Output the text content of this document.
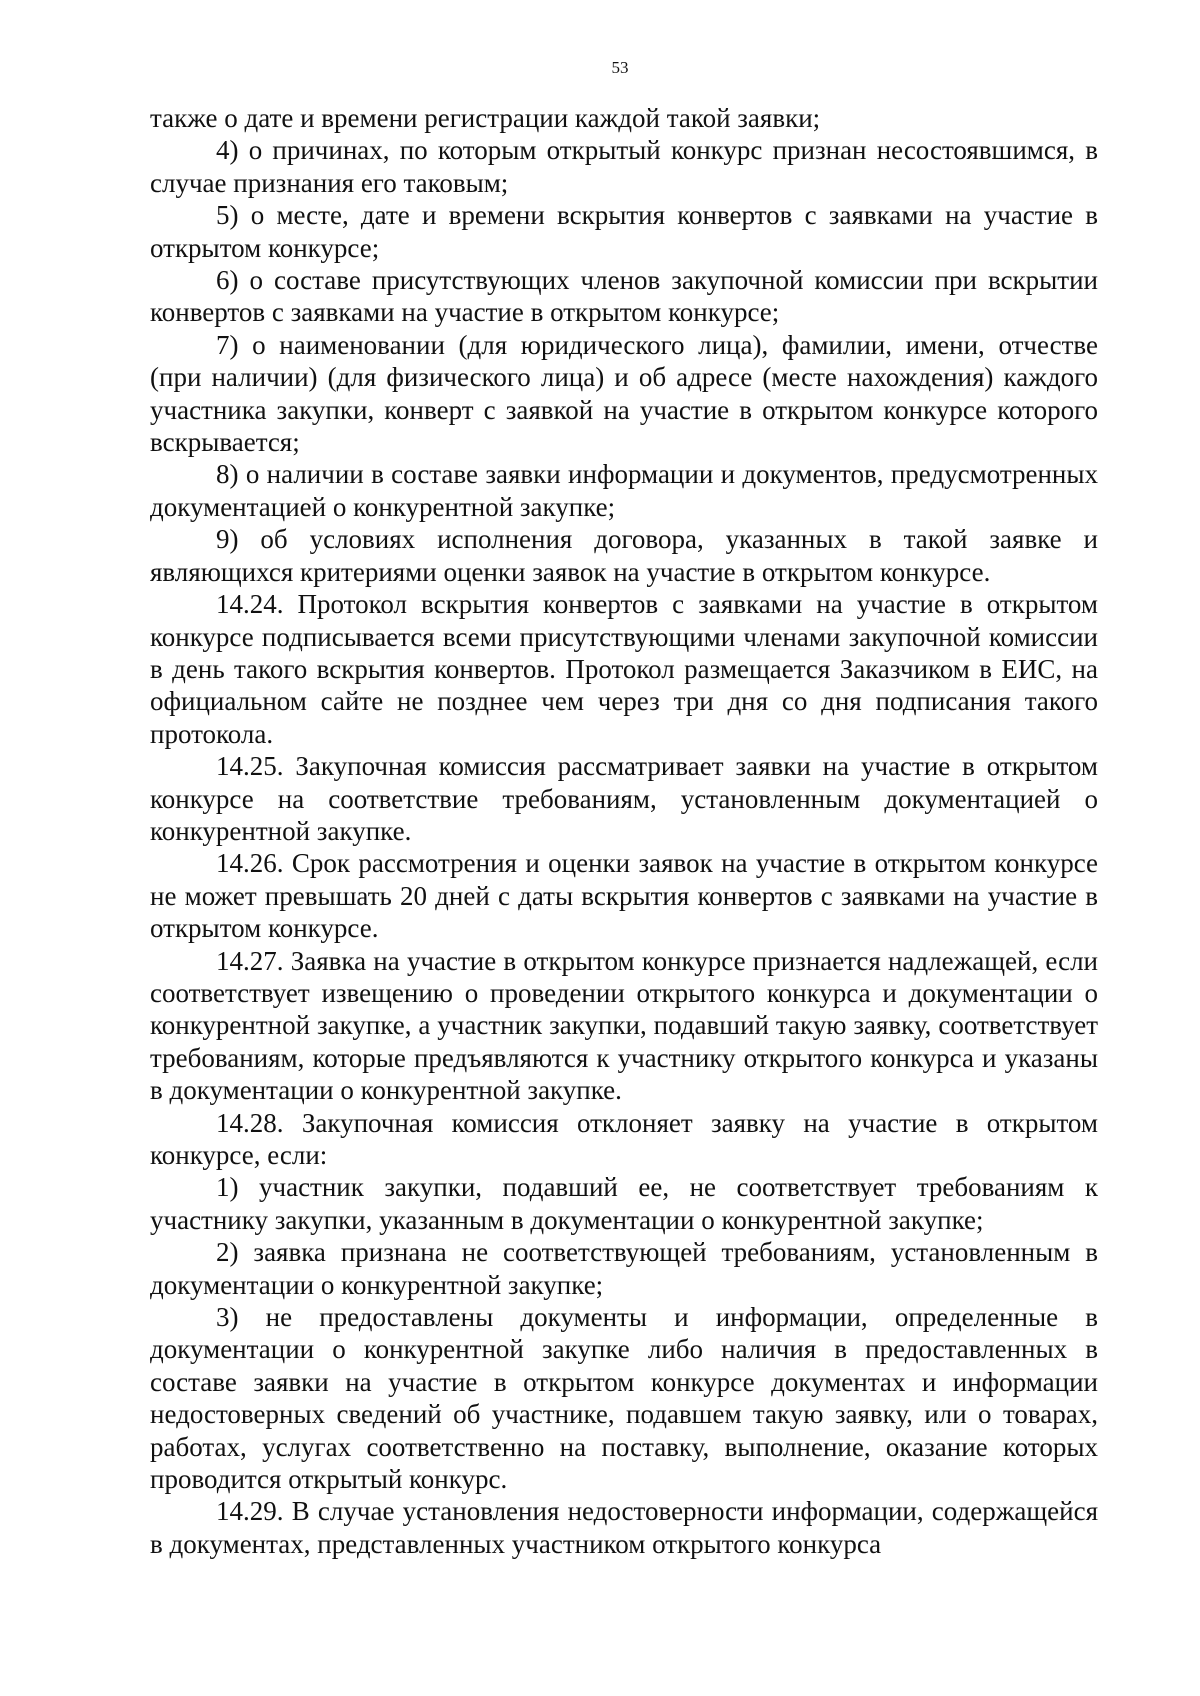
53

также о дате и времени регистрации каждой такой заявки;

4) о причинах, по которым открытый конкурс признан несостоявшимся, в случае признания его таковым;

5) о месте, дате и времени вскрытия конвертов с заявками на участие в открытом конкурсе;

6) о составе присутствующих членов закупочной комиссии при вскрытии конвертов с заявками на участие в открытом конкурсе;

7) о наименовании (для юридического лица), фамилии, имени, отчестве (при наличии) (для физического лица) и об адресе (месте нахождения) каждого участника закупки, конверт с заявкой на участие в открытом конкурсе которого вскрывается;

8) о наличии в составе заявки информации и документов, предусмотренных документацией о конкурентной закупке;

9) об условиях исполнения договора, указанных в такой заявке и являющихся критериями оценки заявок на участие в открытом конкурсе.

14.24. Протокол вскрытия конвертов с заявками на участие в открытом конкурсе подписывается всеми присутствующими членами закупочной комиссии в день такого вскрытия конвертов. Протокол размещается Заказчиком в ЕИС, на официальном сайте не позднее чем через три дня со дня подписания такого протокола.

14.25. Закупочная комиссия рассматривает заявки на участие в открытом конкурсе на соответствие требованиям, установленным документацией о конкурентной закупке.

14.26. Срок рассмотрения и оценки заявок на участие в открытом конкурсе не может превышать 20 дней с даты вскрытия конвертов с заявками на участие в открытом конкурсе.

14.27. Заявка на участие в открытом конкурсе признается надлежащей, если соответствует извещению о проведении открытого конкурса и документации о конкурентной закупке, а участник закупки, подавший такую заявку, соответствует требованиям, которые предъявляются к участнику открытого конкурса и указаны в документации о конкурентной закупке.

14.28. Закупочная комиссия отклоняет заявку на участие в открытом конкурсе, если:

1) участник закупки, подавший ее, не соответствует требованиям к участнику закупки, указанным в документации о конкурентной закупке;

2) заявка признана не соответствующей требованиям, установленным в документации о конкурентной закупке;

3) не предоставлены документы и информации, определенные в документации о конкурентной закупке либо наличия в предоставленных в составе заявки на участие в открытом конкурсе документах и информации недостоверных сведений об участнике, подавшем такую заявку, или о товарах, работах, услугах соответственно на поставку, выполнение, оказание которых проводится открытый конкурс.

14.29. В случае установления недостоверности информации, содержащейся в документах, представленных участником открытого конкурса
